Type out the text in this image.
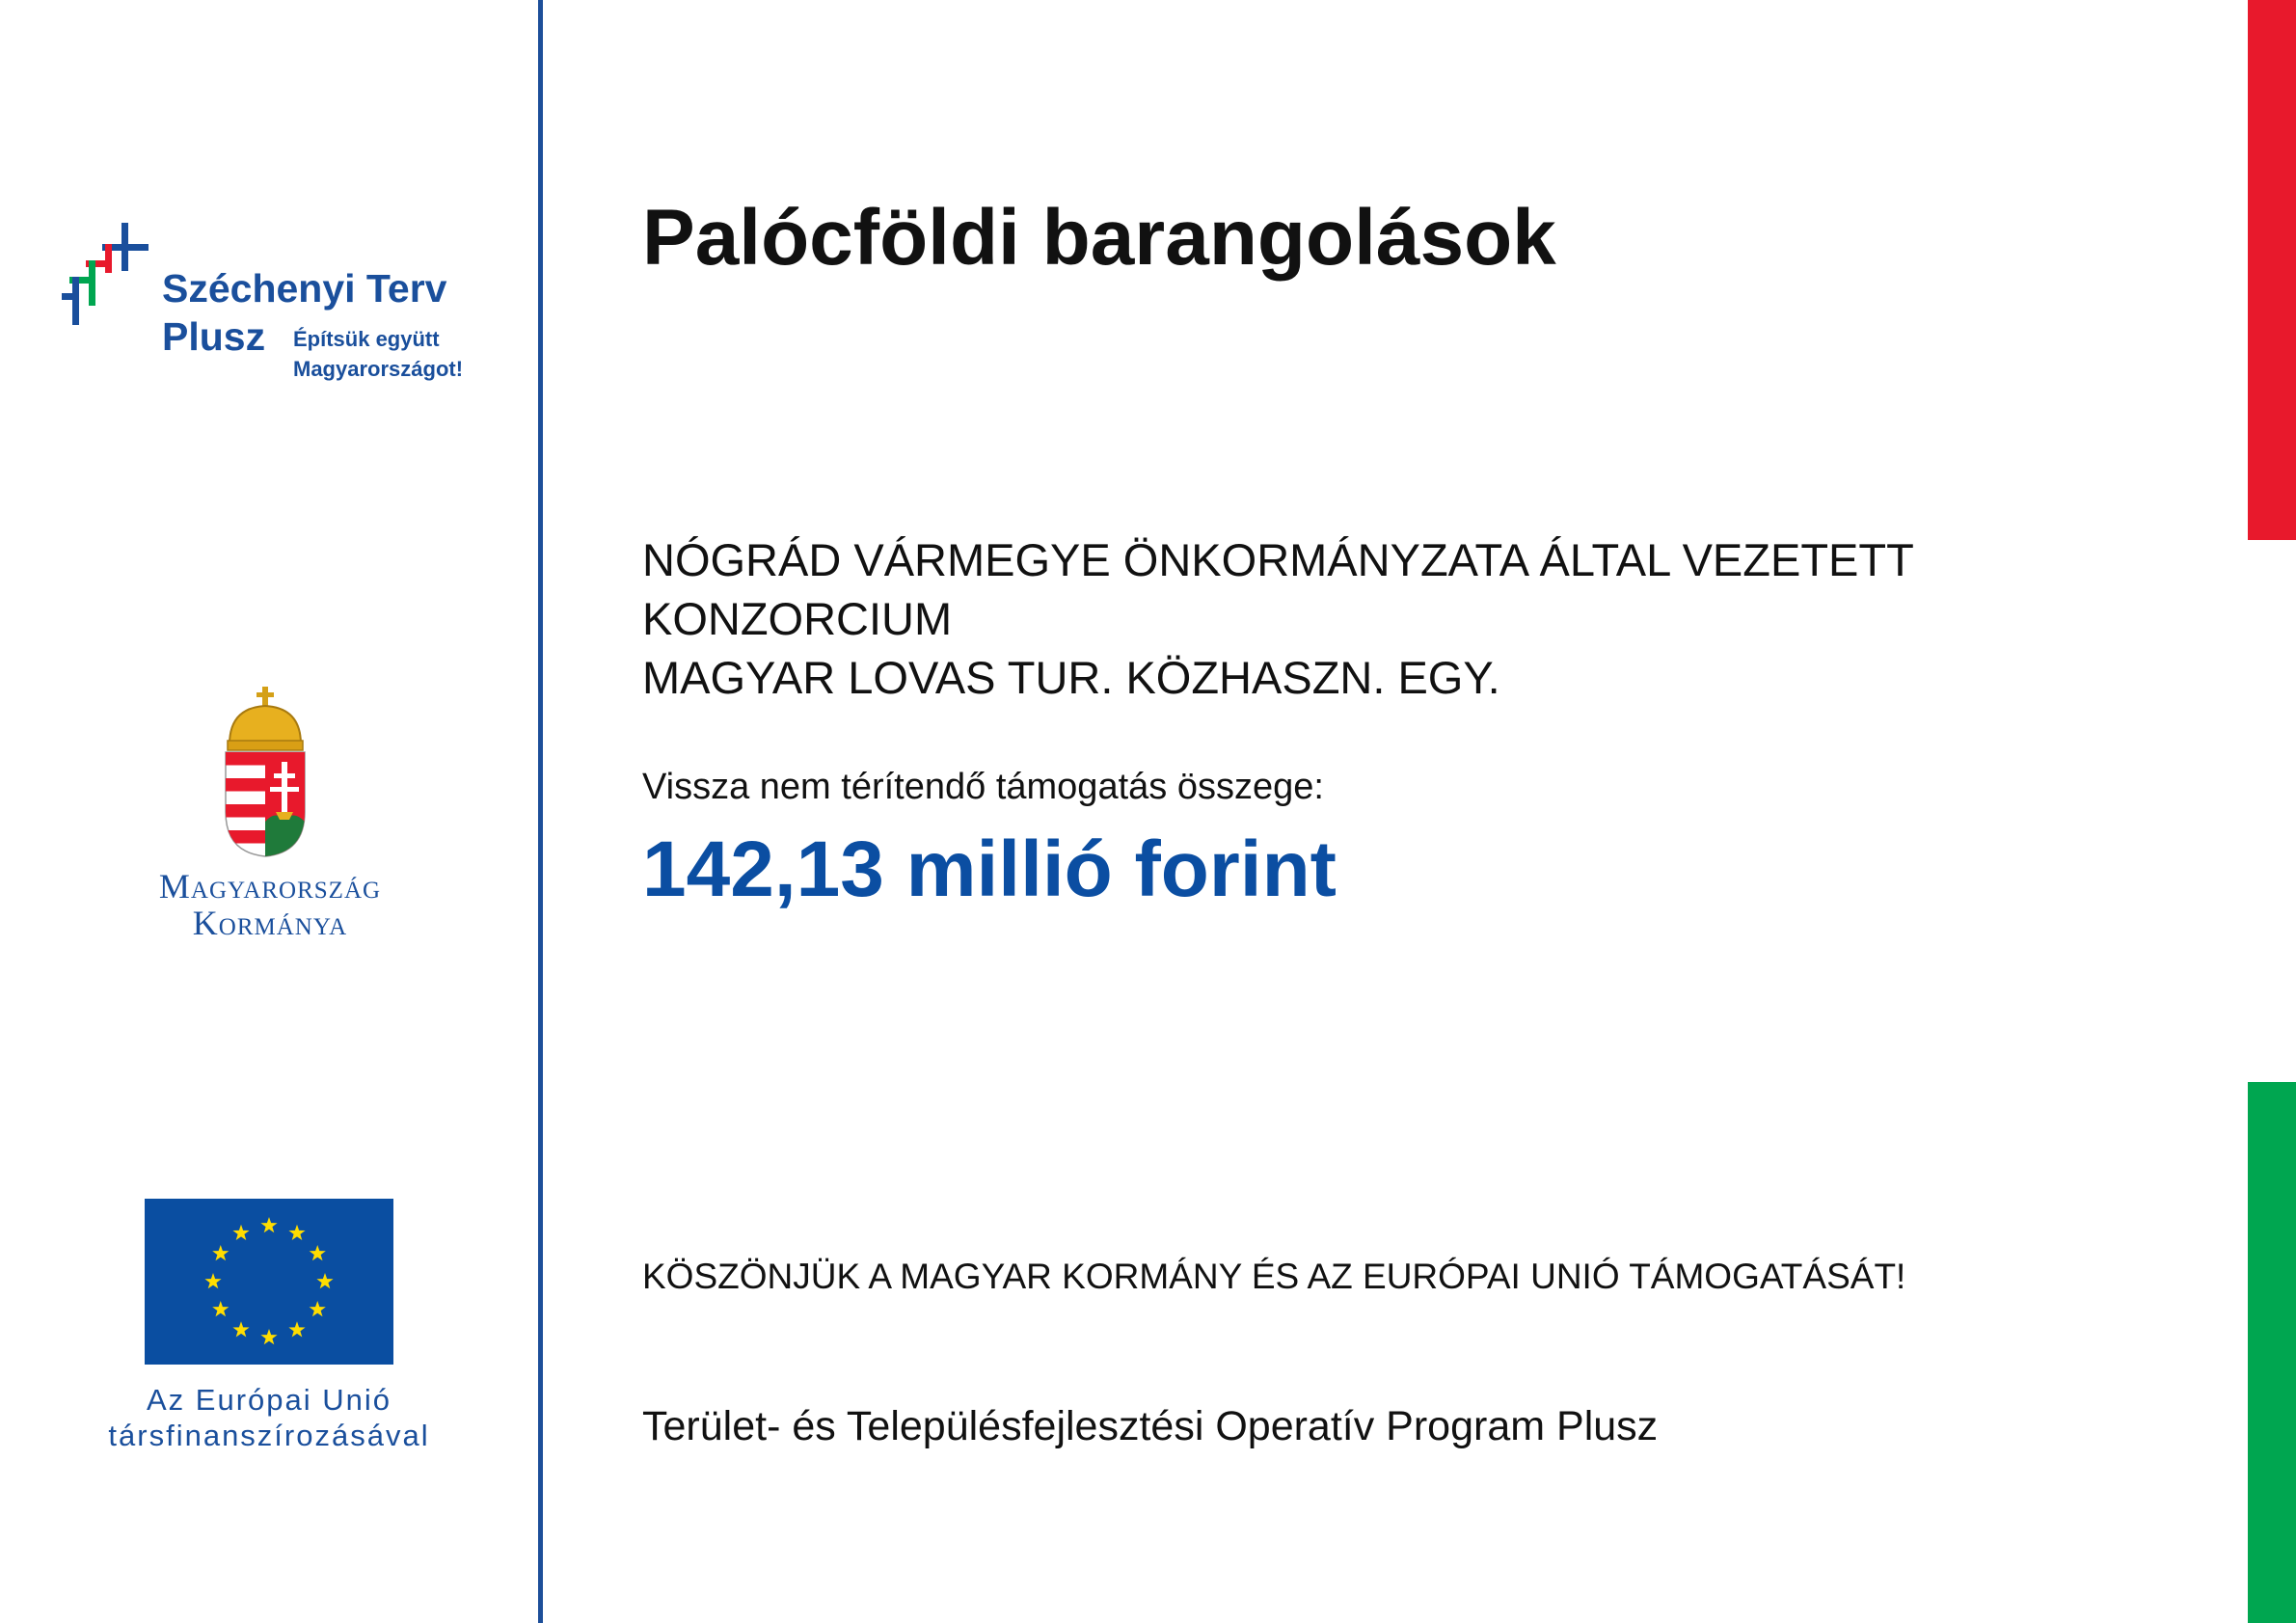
Széchenyi Terv
Plusz	Építsük együtt
Magyarországot!
Magyarország
Kormánya
Az Európai Unió
társfinanszírozásával
Palócföldi barangolások
NÓGRÁD VÁRMEGYE ÖNKORMÁNYZATA ÁLTAL VEZETETT
KONZORCIUM
MAGYAR LOVAS TUR. KÖZHASZN. EGY.
Vissza nem térítendő támogatás összege:
142,13 millió forint
KÖSZÖNJÜK A MAGYAR KORMÁNY ÉS AZ EURÓPAI UNIÓ TÁMOGATÁSÁT!
Terület- és Településfejlesztési Operatív Program Plusz
